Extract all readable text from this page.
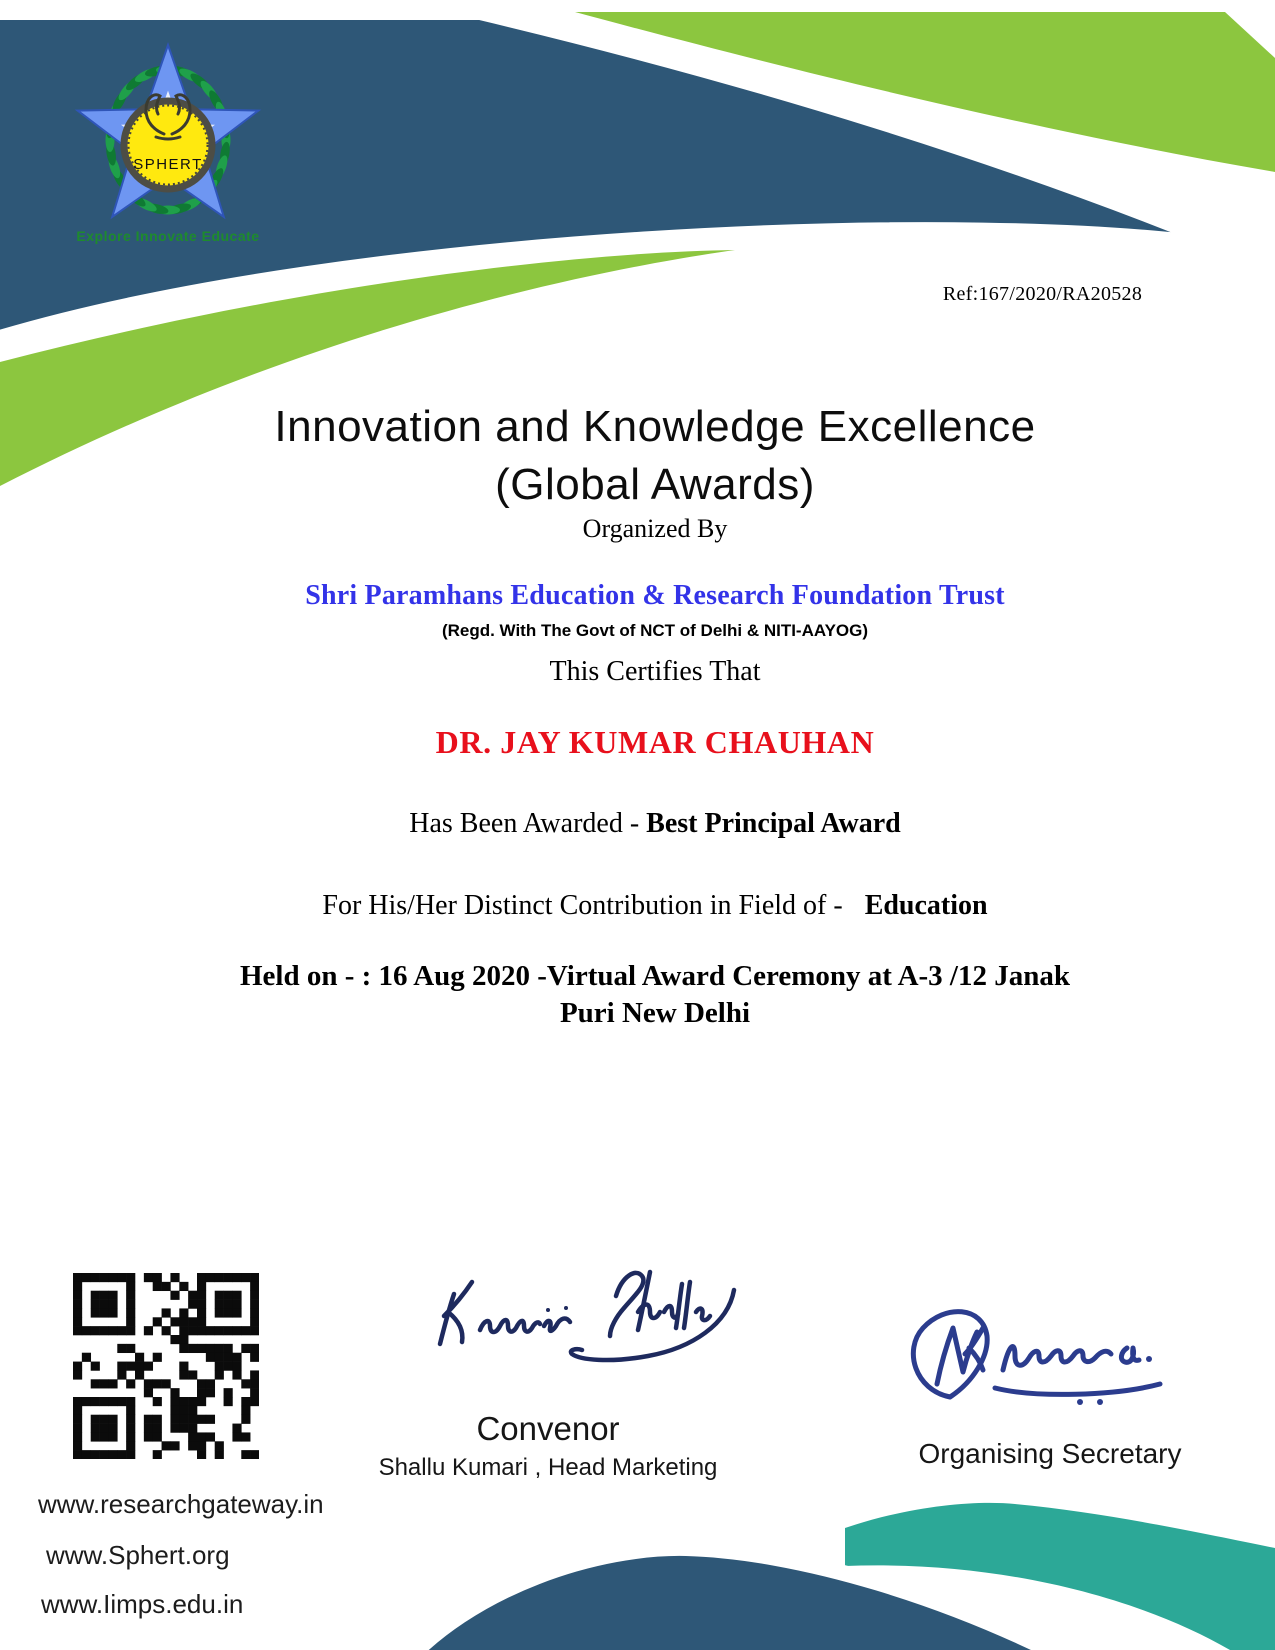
SPHERT
Explore Innovate Educate
Ref:167/2020/RA20528
Innovation and Knowledge Excellence
(Global Awards)
Organized By
Shri Paramhans Education & Research Foundation Trust
(Regd. With The Govt of NCT of Delhi & NITI-AAYOG)
This Certifies That
DR. JAY KUMAR CHAUHAN
Has Been Awarded - Best Principal Award
For His/Her Distinct Contribution in Field of - Education
Held on - : 16 Aug 2020 -Virtual Award Ceremony at A-3 /12 Janak
Puri New Delhi
Convenor
Shallu Kumari , Head Marketing	Organising Secretary
www.researchgateway.in
www.Sphert.org
www.Iimps.edu.in
